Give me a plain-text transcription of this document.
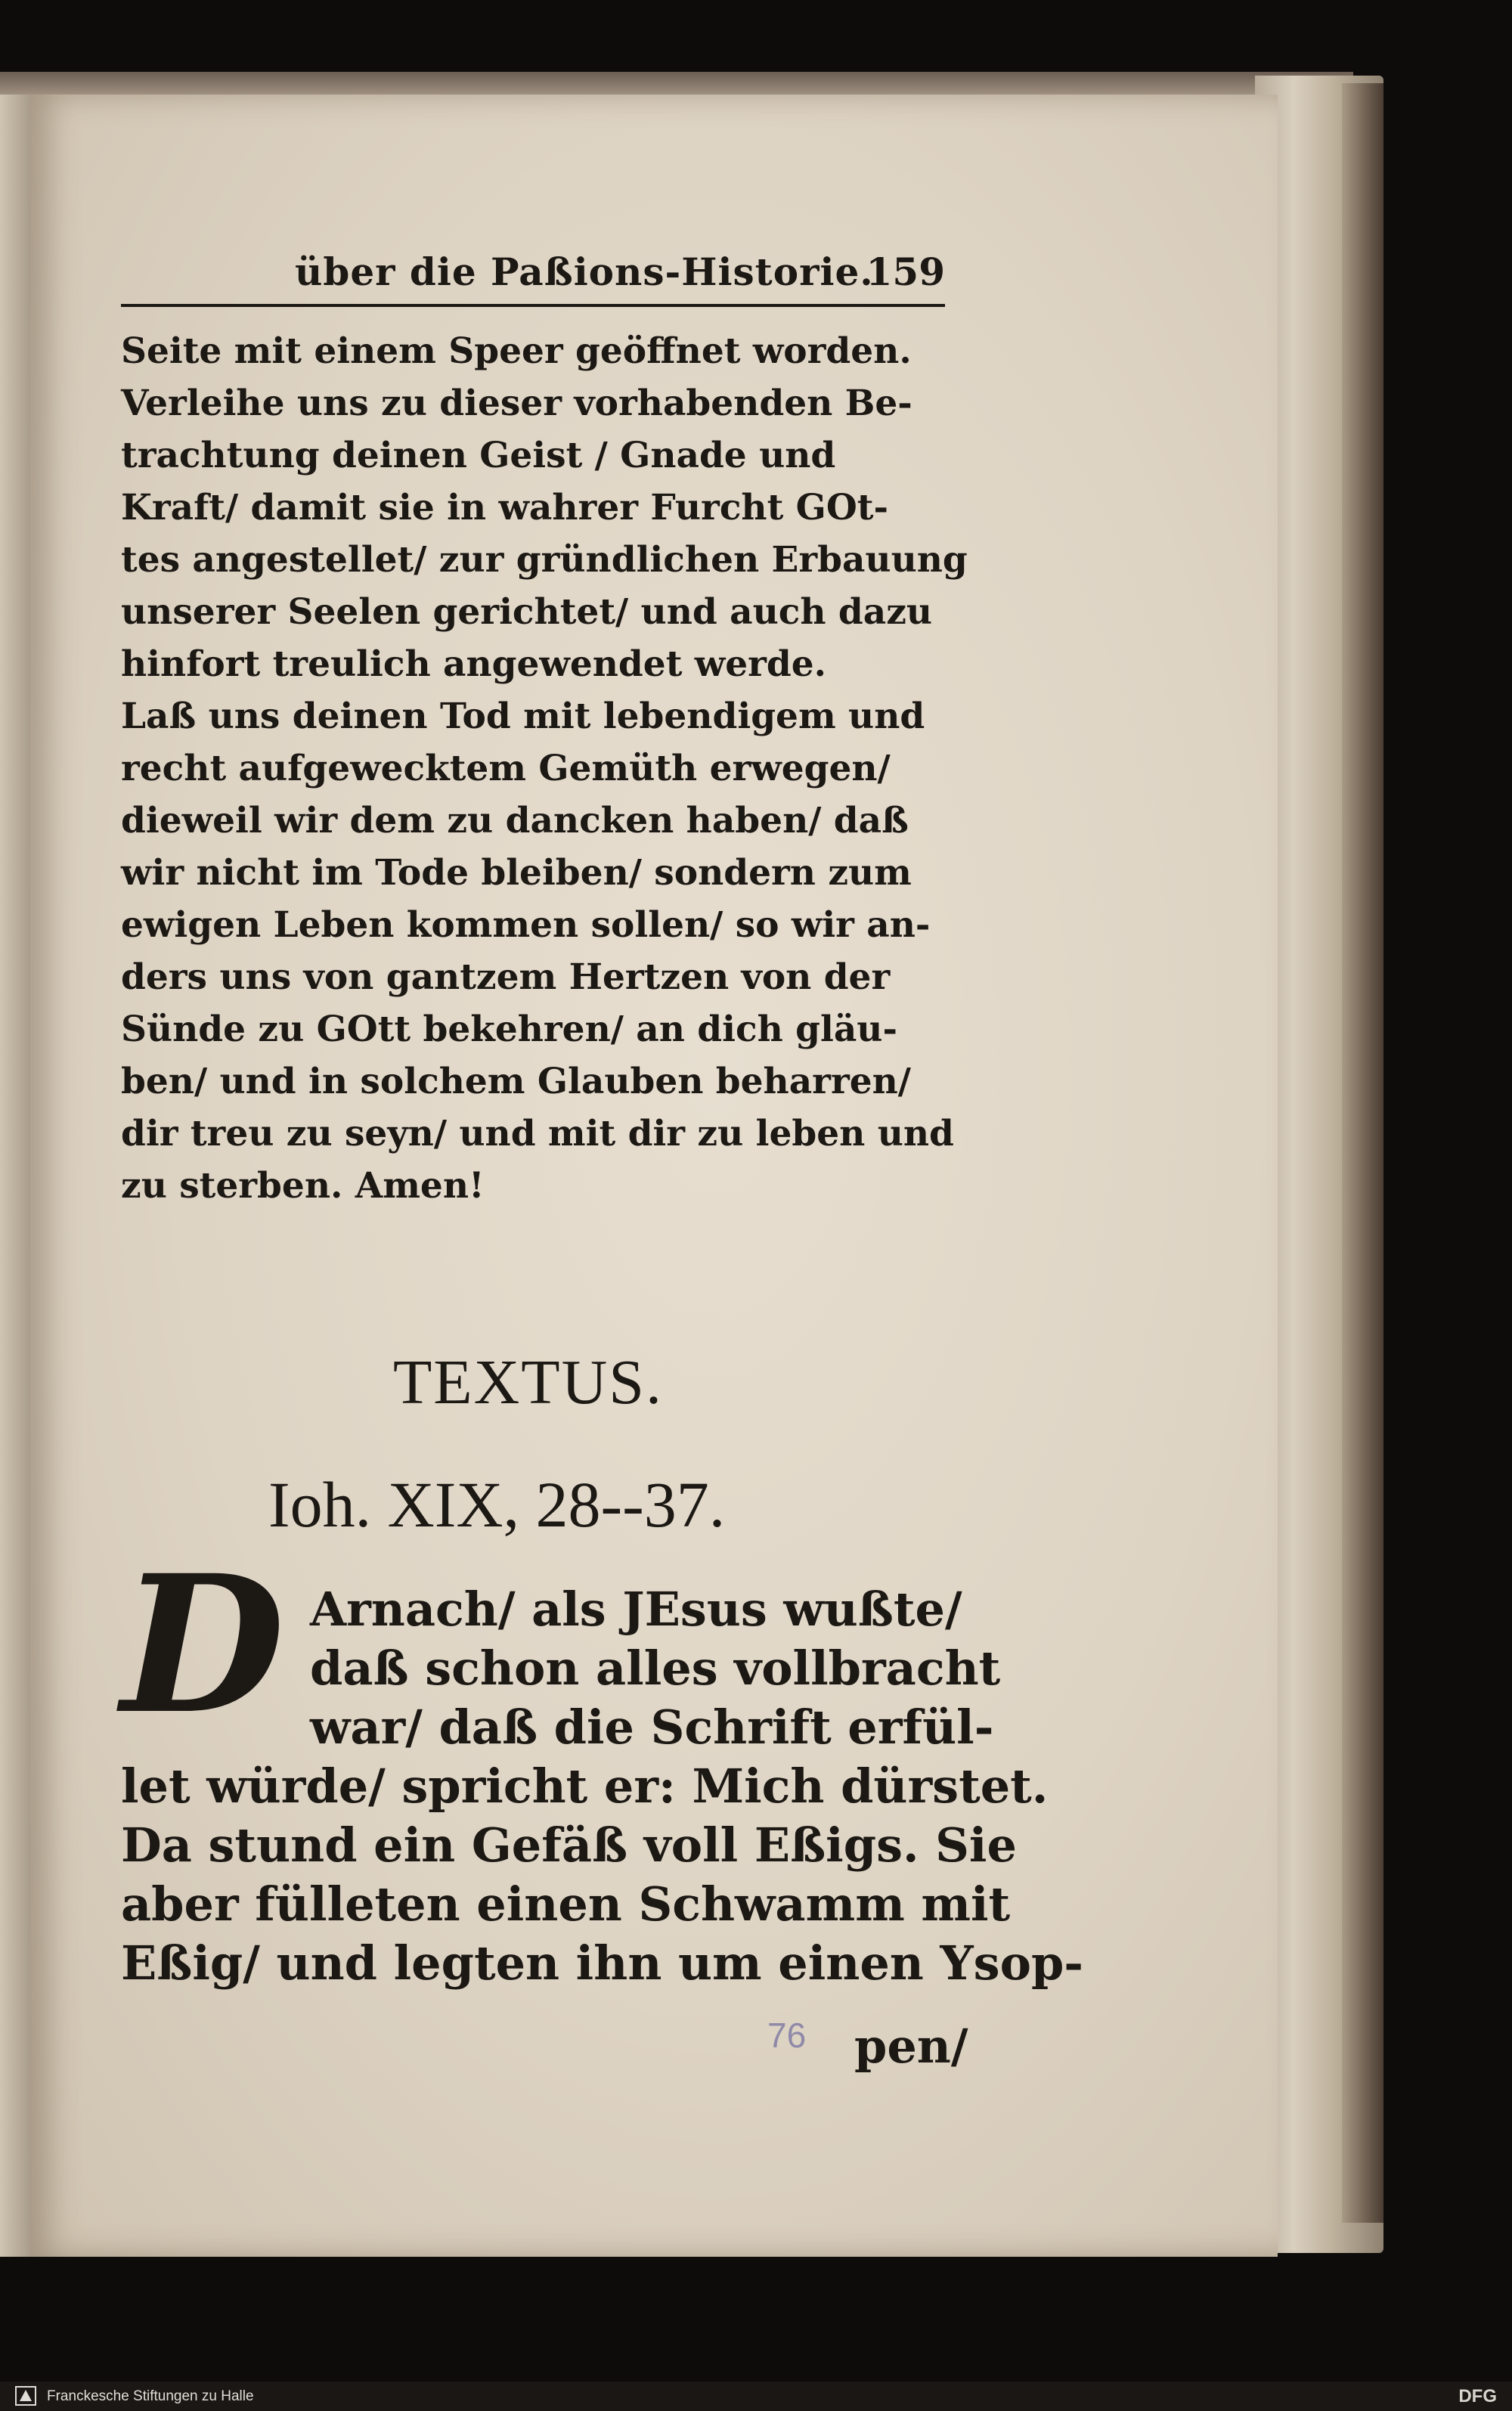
über die Paßions-Historie.
159
Seite mit einem Speer geöffnet worden.
Verleihe uns zu dieser vorhabenden Be-
trachtung deinen Geist / Gnade und
Kraft/ damit sie in wahrer Furcht GOt-
tes angestellet/ zur gründlichen Erbauung
unserer Seelen gerichtet/ und auch dazu
hinfort treulich angewendet werde.
Laß uns deinen Tod mit lebendigem und
recht aufgewecktem Gemüth erwegen/
dieweil wir dem zu dancken haben/ daß
wir nicht im Tode bleiben/ sondern zum
ewigen Leben kommen sollen/ so wir an-
ders uns von gantzem Hertzen von der
Sünde zu GOtt bekehren/ an dich gläu-
ben/ und in solchem Glauben beharren/
dir treu zu seyn/ und mit dir zu leben und
zu sterben. Amen!
TEXTUS.
Ioh. XIX, 28--37.
D Arnach/ als JEsus wußte/
daß schon alles vollbracht
war/ daß die Schrift erfül-
let würde/ spricht er: Mich dürstet.
Da stund ein Gefäß voll Eßigs. Sie
aber fülleten einen Schwamm mit
Eßig/ und legten ihn um einen Ysop-
76 pen/
Franckesche Stiftungen zu Halle	DFG
